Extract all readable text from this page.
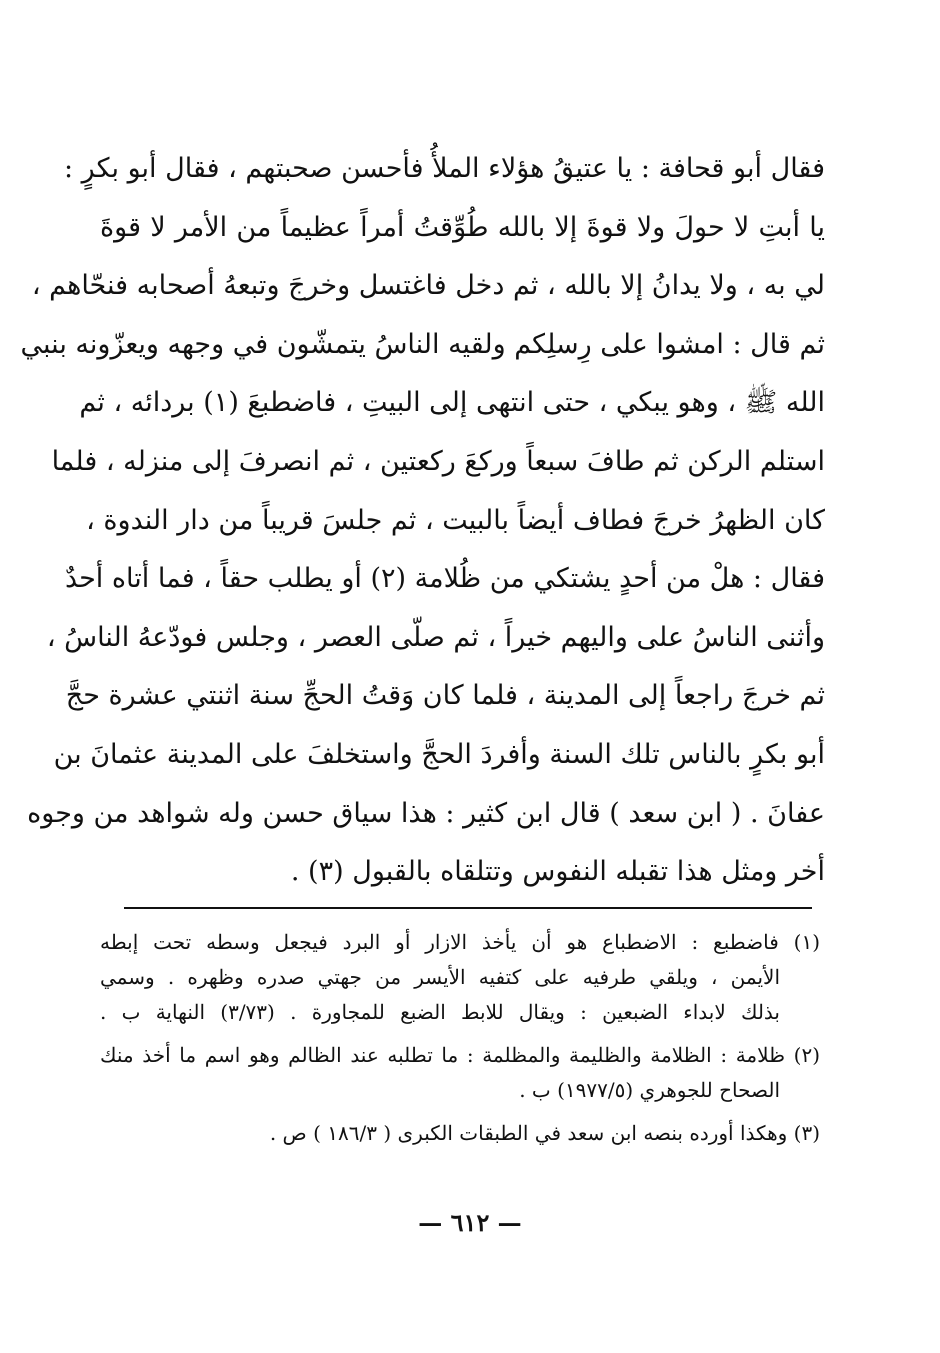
فقال أبو قحافة : يا عتيقُ هؤلاء الملأُ فأحسن صحبتهم ، فقال أبو بكرٍ :
يا أبتِ لا حولَ ولا قوةَ إلا بالله طُوِّقتُ أمراً عظيماً من الأمر لا قوةَ
لي به ، ولا يدانُ إلا بالله ، ثم دخل فاغتسل وخرجَ وتبعهُ أصحابه فنحّاهم ،
ثم قال : امشوا على رِسلِكم ولقيه الناسُ يتمشّون في وجهه ويعزّونه بنبي
الله ﷺ ، وهو يبكي ، حتى انتهى إلى البيتِ ، فاضطبعَ (١) بردائه ، ثم
استلم الركن ثم طافَ سبعاً وركعَ ركعتين ، ثم انصرفَ إلى منزله ، فلما
كان الظهرُ خرجَ فطاف أيضاً بالبيت ، ثم جلسَ قريباً من دار الندوة ،
فقال : هلْ من أحدٍ يشتكي من ظُلامة (٢) أو يطلب حقاً ، فما أتاه أحدٌ
وأثنى الناسُ على واليهم خيراً ، ثم صلّى العصر ، وجلس فودّعهُ الناسُ ،
ثم خرجَ راجعاً إلى المدينة ، فلما كان وَقتُ الحجِّ سنة اثنتي عشرة حجَّ
أبو بكرٍ بالناس تلك السنة وأفردَ الحجَّ واستخلفَ على المدينة عثمانَ بن
عفانَ . ( ابن سعد ) قال ابن كثير : هذا سياق حسن وله شواهد من وجوه
أخر ومثل هذا تقبله النفوس وتتلقاه بالقبول (٣) .
(١) فاضطبع : الاضطباع هو أن يأخذ الازار أو البرد فيجعل وسطه تحت إبطه
الأيمن ، ويلقي طرفيه على كتفيه الأيسر من جهتي صدره وظهره . وسمي
بذلك لابداء الضبعين : ويقال للابط الضبع للمجاورة . (٣/٧٣) النهاية ب .
(٢) ظلامة : الظلامة والظليمة والمظلمة : ما تطلبه عند الظالم وهو اسم ما أخذ منك
الصحاح للجوهري (١٩٧٧/٥) ب .
(٣) وهكذا أورده بنصه ابن سعد في الطبقات الكبرى ( ١٨٦/٣ ) ص .
— ٦١٢ —
